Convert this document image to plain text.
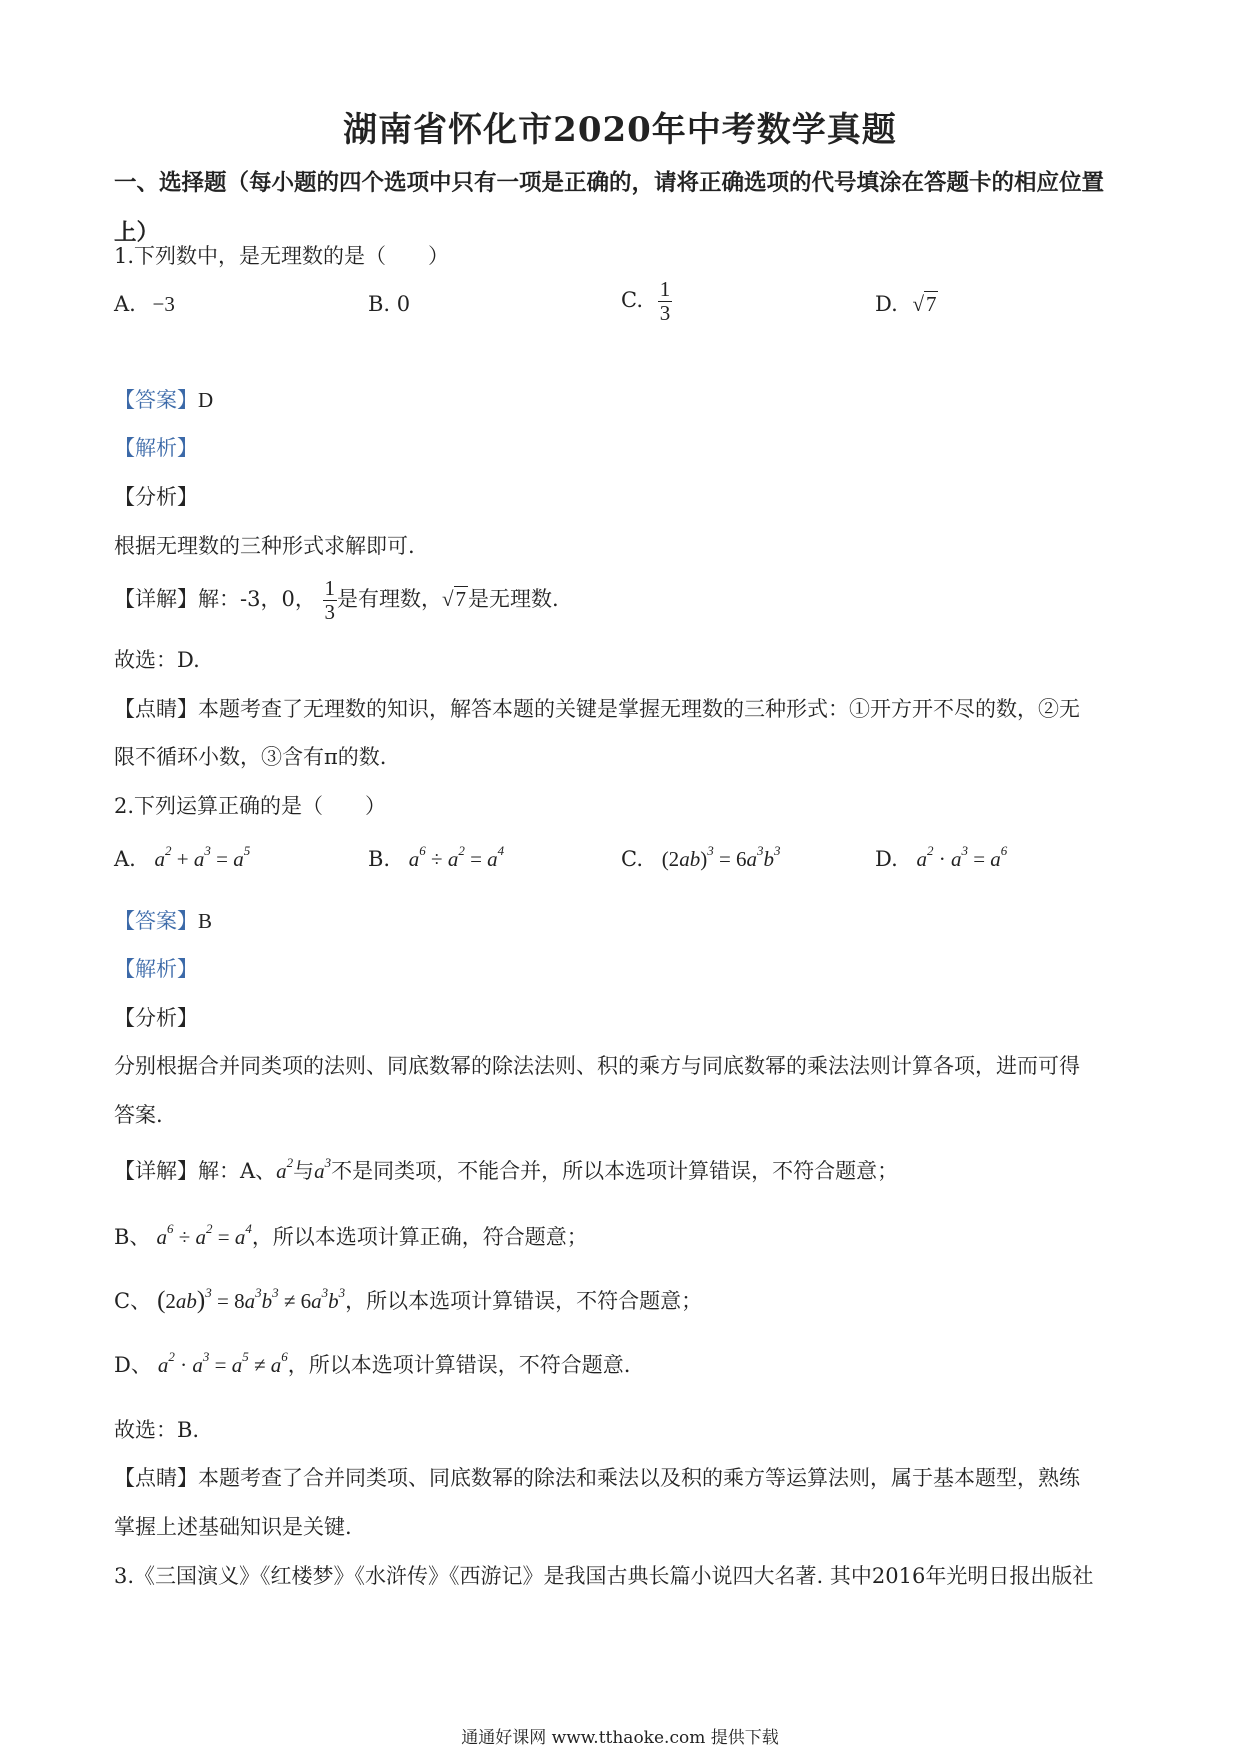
湖南省怀化市2020年中考数学真题
一、选择题（每小题的四个选项中只有一项是正确的，请将正确选项的代号填涂在答题卡的相应位置上）
1.下列数中，是无理数的是（　　）
A. −3	B. 0	C. $\frac{1}{3}$	D. √7
【答案】D
【解析】
【分析】
根据无理数的三种形式求解即可.
【详解】解：-3，0， $\frac{1}{3}$ 是有理数，√7是无理数.
故选：D.
【点睛】本题考查了无理数的知识，解答本题的关键是掌握无理数的三种形式：①开方开不尽的数，②无
限不循环小数，③含有π的数.
2.下列运算正确的是（　　）
A. $a^2 + a^3 = a^5$	B. $a^6 \div a^2 = a^4$	C. $(2ab)^3 = 6a^3b^3$	D. $a^2 \cdot a^3 = a^6$
【答案】B
【解析】
【分析】
分别根据合并同类项的法则、同底数幂的除法法则、积的乘方与同底数幂的乘法法则计算各项，进而可得
答案.
【详解】解：A、$a^2$与$a^3$不是同类项，不能合并，所以本选项计算错误，不符合题意；
B、 $a^6 \div a^2 = a^4$，所以本选项计算正确，符合题意；
C、 $(2ab)^3 = 8a^3b^3 \ne 6a^3b^3$，所以本选项计算错误，不符合题意；
D、 $a^2 \cdot a^3 = a^5 \ne a^6$，所以本选项计算错误，不符合题意.
故选：B.
【点睛】本题考查了合并同类项、同底数幂的除法和乘法以及积的乘方等运算法则，属于基本题型，熟练
掌握上述基础知识是关键.
3.《三国演义》《红楼梦》《水浒传》《西游记》是我国古典长篇小说四大名著. 其中2016年光明日报出版社
通通好课网 www.tthaoke.com 提供下载
